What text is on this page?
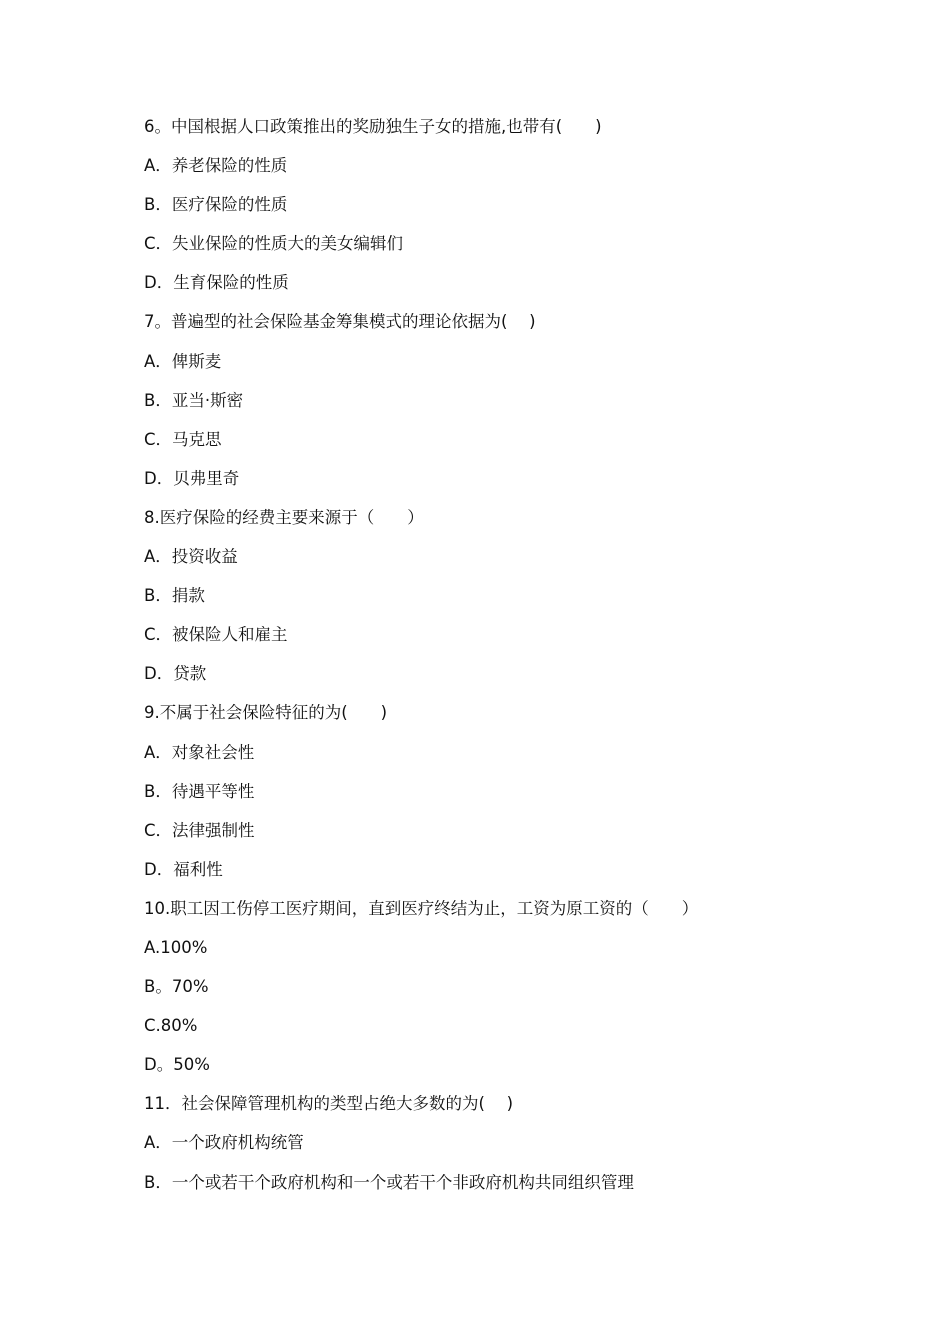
6。中国根据人口政策推出的奖励独生子女的措施,也带有(　　)
A．养老保险的性质
B．医疗保险的性质
C．失业保险的性质大的美女编辑们
D．生育保险的性质
7。普遍型的社会保险基金筹集模式的理论依据为(　 )
A．俾斯麦
B．亚当·斯密
C．马克思
D．贝弗里奇
8.医疗保险的经费主要来源于（　　）
A．投资收益
B．捐款
C．被保险人和雇主
D．贷款
9.不属于社会保险特征的为(　　)
A．对象社会性
B．待遇平等性
C．法律强制性
D．福利性
10.职工因工伤停工医疗期间，直到医疗终结为止，工资为原工资的（　　）
A.100%
B。70%
C.80%
D。50%
11．社会保障管理机构的类型占绝大多数的为(　 )
A．一个政府机构统管
B．一个或若干个政府机构和一个或若干个非政府机构共同组织管理
